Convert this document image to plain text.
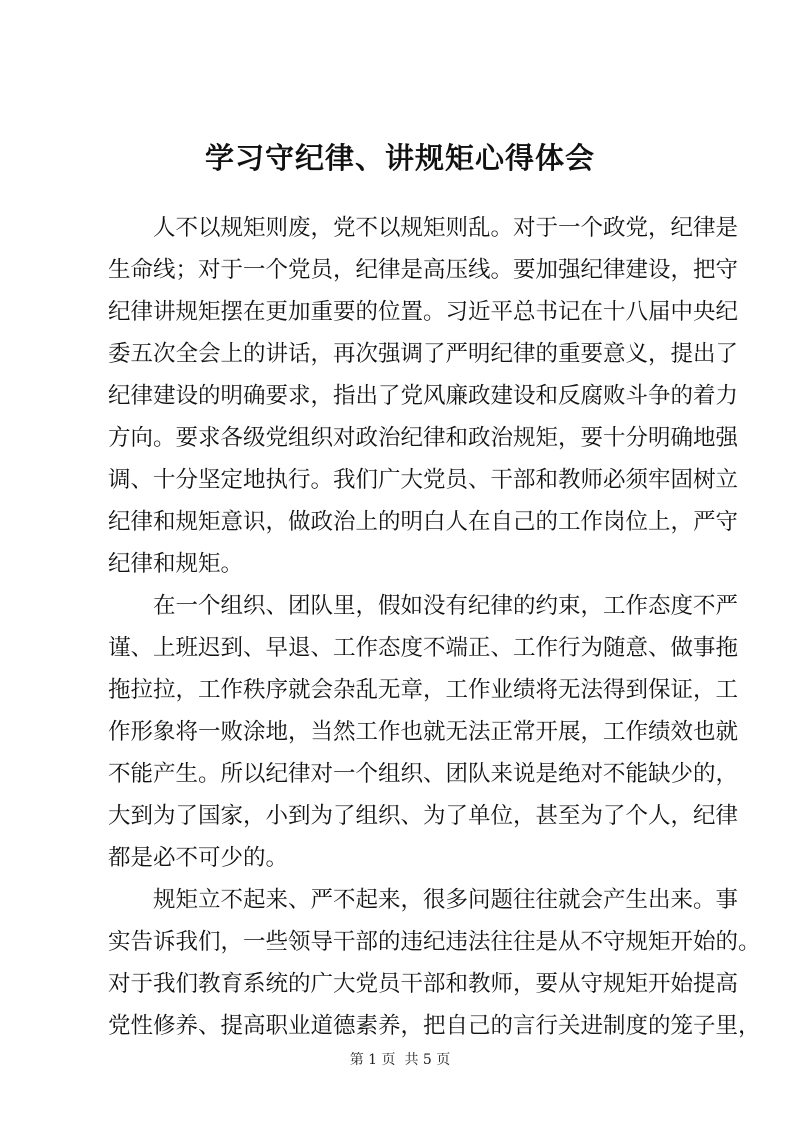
学习守纪律、讲规矩心得体会
人不以规矩则废，党不以规矩则乱。对于一个政党，纪律是
生命线；对于一个党员，纪律是高压线。要加强纪律建设，把守
纪律讲规矩摆在更加重要的位置。习近平总书记在十八届中央纪
委五次全会上的讲话，再次强调了严明纪律的重要意义，提出了
纪律建设的明确要求，指出了党风廉政建设和反腐败斗争的着力
方向。要求各级党组织对政治纪律和政治规矩，要十分明确地强
调、十分坚定地执行。我们广大党员、干部和教师必须牢固树立
纪律和规矩意识，做政治上的明白人在自己的工作岗位上，严守
纪律和规矩。
在一个组织、团队里，假如没有纪律的约束，工作态度不严
谨、上班迟到、早退、工作态度不端正、工作行为随意、做事拖
拖拉拉，工作秩序就会杂乱无章，工作业绩将无法得到保证，工
作形象将一败涂地，当然工作也就无法正常开展，工作绩效也就
不能产生。所以纪律对一个组织、团队来说是绝对不能缺少的，
大到为了国家，小到为了组织、为了单位，甚至为了个人，纪律
都是必不可少的。
规矩立不起来、严不起来，很多问题往往就会产生出来。事
实告诉我们，一些领导干部的违纪违法往往是从不守规矩开始的。
对于我们教育系统的广大党员干部和教师，要从守规矩开始提高
党性修养、提高职业道德素养，把自己的言行关进制度的笼子里，
第 1 页  共 5 页
